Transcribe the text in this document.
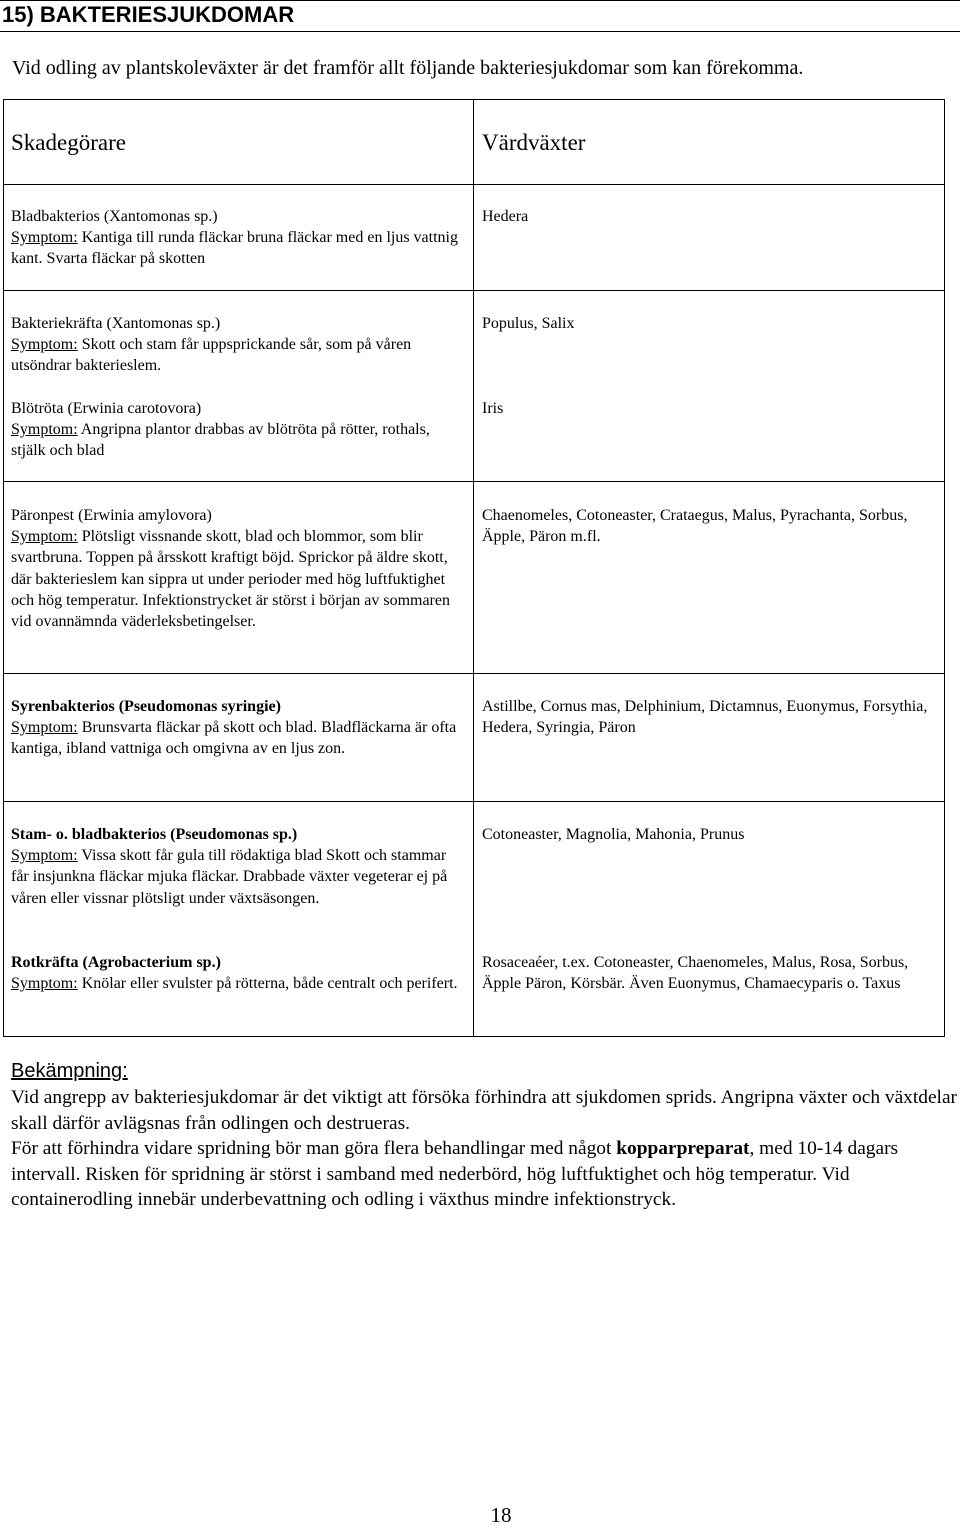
15) BAKTERIESJUKDOMAR
Vid odling av plantskoleväxter är det framför allt följande bakteriesjukdomar som kan förekomma.
Skadegörare	Värdväxter
Bladbakterios (Xantomonas sp.)
Symptom: Kantiga till runda fläckar bruna fläckar med en ljus vattnig kant. Svarta fläckar på skotten
Hedera
Bakteriekräfta (Xantomonas sp.)
Symptom: Skott och stam får uppsprickande sår, som på våren utsöndrar bakterieslem.
Populus, Salix
Blötröta (Erwinia carotovora)
Symptom: Angripna plantor drabbas av blötröta på rötter, rothals, stjälk och blad
Iris
Päronpest (Erwinia amylovora)
Symptom: Plötsligt vissnande skott, blad och blommor, som blir svartbruna. Toppen på årsskott kraftigt böjd. Sprickor på äldre skott, där bakterieslem kan sippra ut under perioder med hög luftfuktighet och hög temperatur. Infektionstrycket är störst i början av sommaren vid ovannämnda väderleksbetingelser.
Chaenomeles, Cotoneaster, Crataegus, Malus, Pyrachanta, Sorbus, Äpple, Päron m.fl.
Syrenbakterios (Pseudomonas syringie)
Symptom: Brunsvarta fläckar på skott och blad. Bladfläckarna är ofta kantiga, ibland vattniga och omgivna av en ljus zon.
Astillbe, Cornus mas, Delphinium, Dictamnus, Euonymus, Forsythia, Hedera, Syringia, Päron
Stam- o. bladbakterios (Pseudomonas sp.)
Symptom: Vissa skott får gula till rödaktiga blad Skott och stammar får insjunkna fläckar mjuka fläckar. Drabbade växter vegeterar ej på våren eller vissnar plötsligt under växtsäsongen.
Cotoneaster, Magnolia, Mahonia, Prunus
Rotkräfta (Agrobacterium sp.)
Symptom: Knölar eller svulster på rötterna, både centralt och perifert.
Rosaceaéer, t.ex. Cotoneaster, Chaenomeles, Malus, Rosa, Sorbus, Äpple Päron, Körsbär. Även Euonymus, Chamaecyparis o. Taxus
Bekämpning:
Vid angrepp av bakteriesjukdomar är det viktigt att försöka förhindra att sjukdomen sprids. Angripna växter och växtdelar skall därför avlägsnas från odlingen och destrueras.
För att förhindra vidare spridning bör man göra flera behandlingar med något kopparpreparat, med 10-14 dagars intervall. Risken för spridning är störst i samband med nederbörd, hög luftfuktighet och hög temperatur. Vid containerodling innebär underbevattning och odling i växthus mindre infektionstryck.
18
